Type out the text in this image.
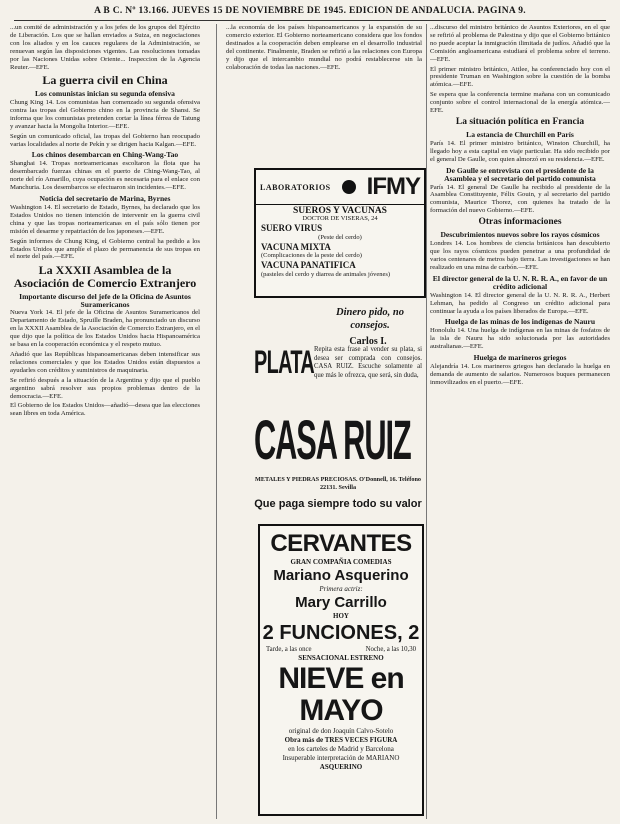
A B C. Nº 13.166. JUEVES 15 DE NOVIEMBRE DE 1945. EDICION DE ANDALUCIA. PAGINA 9.

...un comité de administración y a los jefes de los grupos del Ejército de Liberación. Los que se hallan enviados a Suiza, en negociaciones con los aliados y en los cauces regulares de la Administración, se renuevan según las disposiciones vigentes. Las resoluciones tomadas por las Naciones Unidas sobre Oriente... Inspeccion de la Agencia Reuter.—EFE.

La guerra civil en China
Los comunistas inician su segunda ofensiva

Chung King 14. Los comunistas han comenzado su segunda ofensiva contra las tropas del Gobierno chino en la provincia de Shansi. Se informa que los comunistas pretenden cortar la línea férrea de Tatung y avanzar hacia la Mongolia Interior.—EFE.

Según un comunicado oficial, las tropas del Gobierno han reocupado varias localidades al norte de Pekín y se dirigen hacia Kalgan.—EFE.

Los chinos desembarcan en Ching-Wang-Tao

Shanghai 14. Tropas norteamericanas escoltaron la flota que ha desembarcado fuerzas chinas en el puerto de Ching-Wang-Tao, al norte del río Amarillo, cuya ocupación es necesaria para el enlace con Manchuria. Los desembarcos se efectuaron sin incidentes.—EFE.

Noticia del secretario de Marina, Byrnes

Washington 14. El secretario de Estado, Byrnes, ha declarado que los Estados Unidos no tienen intención de intervenir en la guerra civil china y que las tropas norteamericanas en el país sólo tienen por misión el desarme y repatriación de los japoneses.—EFE.

Según informes de Chung King, el Gobierno central ha pedido a los Estados Unidos que amplíe el plazo de permanencia de sus tropas en el norte del país.—EFE.

La XXXII Asamblea de la Asociación de Comercio Extranjero
Importante discurso del jefe de la Oficina de Asuntos Suramericanos

Nueva York 14. El jefe de la Oficina de Asuntos Suramericanos del Departamento de Estado, Spruille Braden, ha pronunciado un discurso en la XXXII Asamblea de la Asociación de Comercio Extranjero, en el que dijo que la política de los Estados Unidos hacia Hispanoamérica se basa en la cooperación económica y el respeto mutuo.

Añadió que las Repúblicas hispanoamericanas deben intensificar sus relaciones comerciales y que los Estados Unidos están dispuestos a ayudarles con créditos y suministros de maquinaria.

Se refirió después a la situación de la Argentina y dijo que el pueblo argentino sabrá resolver sus propios problemas dentro de la democracia.—EFE.

El Gobierno de los Estados Unidos—añadió—desea que las elecciones sean libres en toda América.

...la economía de los países hispanoamericanos y la expansión de su comercio exterior. El Gobierno norteamericano considera que los fondos destinados a la cooperación deben emplearse en el desarrollo industrial del continente. Finalmente, Braden se refirió a las relaciones con Europa y dijo que el intercambio mundial no podrá restablecerse sin la colaboración de todas las naciones.—EFE.

LABORATORIOS IFMY
SUEROS Y VACUNAS
DOCTOR DE VISERAS, 24
SUERO VIRUS
(Peste del cerdo)
VACUNA MIXTA
(Complicaciones de la peste del cerdo)
VACUNA PANATIFICA
(pasteles del cerdo y diarrea de animales jóvenes)
Dinero pido, no consejos.
PLATA
Carlos I.
Repita esta frase al vender su plata, si desea ser comprada con consejos. CASA RUIZ. Escuche solamente al que más le ofrezca, que será, sin duda,
CASA RUIZ
METALES Y PIEDRAS PRECIOSAS. O'Donnell, 16. Teléfono 22131. Sevilla
Que paga siempre todo su valor
CERVANTES
GRAN COMPAÑIA COMEDIAS
Mariano Asquerino
Primera actriz:
Mary Carrillo
HOY
2 FUNCIONES, 2
Tarde, a las once	Noche, a las 10,30
SENSACIONAL ESTRENO
NIEVE en MAYO
original de don Joaquín Calvo-Sotelo
Obra más de TRES VECES FIGURA
en los carteles de Madrid y Barcelona
Insuperable interpretación de MARIANO
ASQUERINO

...discurso del ministro británico de Asuntos Exteriores, en el que se refirió al problema de Palestina y dijo que el Gobierno británico no puede aceptar la inmigración ilimitada de judíos. Añadió que la Comisión angloamericana estudiará el problema sobre el terreno.—EFE.

El primer ministro británico, Attlee, ha conferenciado hoy con el presidente Truman en Washington sobre la cuestión de la bomba atómica.—EFE.

Se espera que la conferencia termine mañana con un comunicado conjunto sobre el control internacional de la energía atómica.—EFE.

La situación política en Francia
La estancia de Churchill en París

París 14. El primer ministro británico, Winston Churchill, ha llegado hoy a esta capital en viaje particular. Ha sido recibido por el general De Gaulle, con quien almorzó en su residencia.—EFE.

De Gaulle se entrevista con el presidente de la Asamblea y el secretario del partido comunista

París 14. El general De Gaulle ha recibido al presidente de la Asamblea Constituyente, Félix Gouin, y al secretario del partido comunista, Maurice Thorez, con quienes ha tratado de la formación del nuevo Gobierno.—EFE.

Otras informaciones
Descubrimientos nuevos sobre los rayos cósmicos

Londres 14. Los hombres de ciencia británicos han descubierto que los rayos cósmicos pueden penetrar a una profundidad de varios centenares de metros bajo tierra. Las investigaciones se han realizado en una mina de carbón.—EFE.

El director general de la U. N. R. R. A., en favor de un crédito adicional

Washington 14. El director general de la U. N. R. R. A., Herbert Lehman, ha pedido al Congreso un crédito adicional para continuar la ayuda a los países liberados de Europa.—EFE.

Huelga de las minas de los indígenas de Nauru

Honolulu 14. Una huelga de indígenas en las minas de fosfatos de la isla de Nauru ha sido solucionada por las autoridades australianas.—EFE.

Huelga de marineros griegos

Alejandría 14. Los marineros griegos han declarado la huelga en demanda de aumento de salarios. Numerosos buques permanecen inmovilizados en el puerto.—EFE.
